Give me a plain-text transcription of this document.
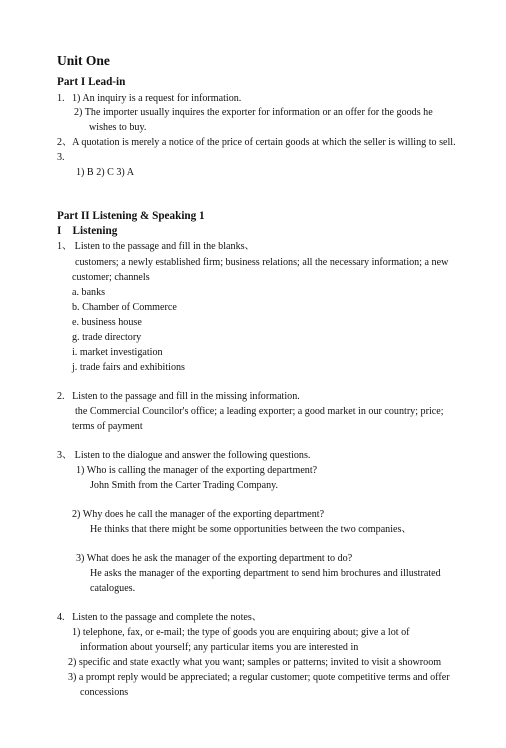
Unit One
Part I Lead-in
1. 1) An inquiry is a request for information.
2) The importer usually inquires the exporter for information or an offer for the goods he
wishes to buy.
2、A quotation is merely a notice of the price of certain goods at which the seller is willing to sell.
3.
1) B 2) C 3) A
Part II Listening & Speaking 1
I    Listening
1、 Listen to the passage and fill in the blanks、
customers; a newly established firm; business relations; all the necessary information; a new
customer; channels
a. banks
b. Chamber of Commerce
e. business house
g. trade directory
i. market investigation
j. trade fairs and exhibitions
2.   Listen to the passage and fill in the missing information.
the Commercial Councilor's office; a leading exporter; a good market in our country; price;
terms of payment
3、 Listen to the dialogue and answer the following questions.
1) Who is calling the manager of the exporting department?
John Smith from the Carter Trading Company.
2) Why does he call the manager of the exporting department?
He thinks that there might be some opportunities between the two companies、
3) What does he ask the manager of the exporting department to do?
He asks the manager of the exporting department to send him brochures and illustrated
catalogues.
4.   Listen to the passage and complete the notes、
1) telephone, fax, or e-mail; the type of goods you are enquiring about; give a lot of
information about yourself; any particular items you are interested in
2) specific and state exactly what you want; samples or patterns; invited to visit a showroom
3) a prompt reply would be appreciated; a regular customer; quote competitive terms and offer
concessions
